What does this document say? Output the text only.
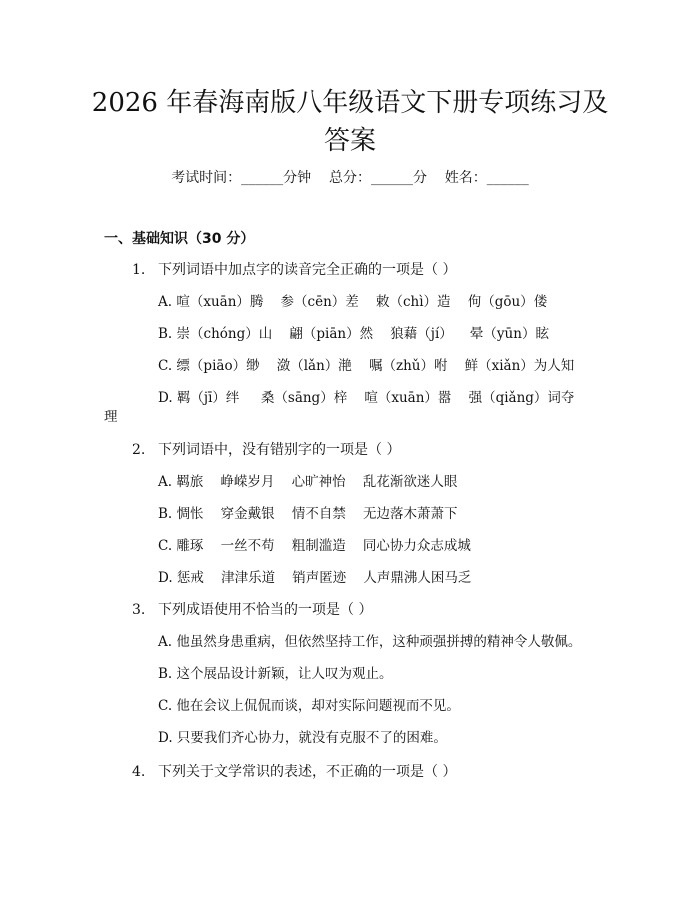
2026 年春海南版八年级语文下册专项练习及答案
考试时间：______分钟    总分：______分    姓名：______
一、基础知识（30 分）
1. 下列词语中加点字的读音完全正确的一项是（ ）
A. 喧（xuān）腾    参（cēn）差    敕（chì）造    佝（gōu）偻
B. 崇（chóng）山    翩（piān）然    狼藉（jí）    晕（yūn）眩
C. 缥（piāo）缈    潋（lǎn）滟    嘱（zhǔ）咐    鲜（xiǎn）为人知
D. 羁（jī）绊     桑（sāng）梓    喧（xuān）嚣    强（qiǎng）词夺
理
2. 下列词语中，没有错别字的一项是（ ）
A. 羁旅    峥嵘岁月    心旷神怡    乱花渐欲迷人眼
B. 惆怅    穿金戴银    情不自禁    无边落木萧萧下
C. 雕琢    一丝不苟    粗制滥造    同心协力众志成城
D. 惩戒    津津乐道    销声匿迹    人声鼎沸人困马乏
3. 下列成语使用不恰当的一项是（ ）
A. 他虽然身患重病，但依然坚持工作，这种顽强拼搏的精神令人敬佩。
B. 这个展品设计新颖，让人叹为观止。
C. 他在会议上侃侃而谈，却对实际问题视而不见。
D. 只要我们齐心协力，就没有克服不了的困难。
4. 下列关于文学常识的表述，不正确的一项是（ ）
